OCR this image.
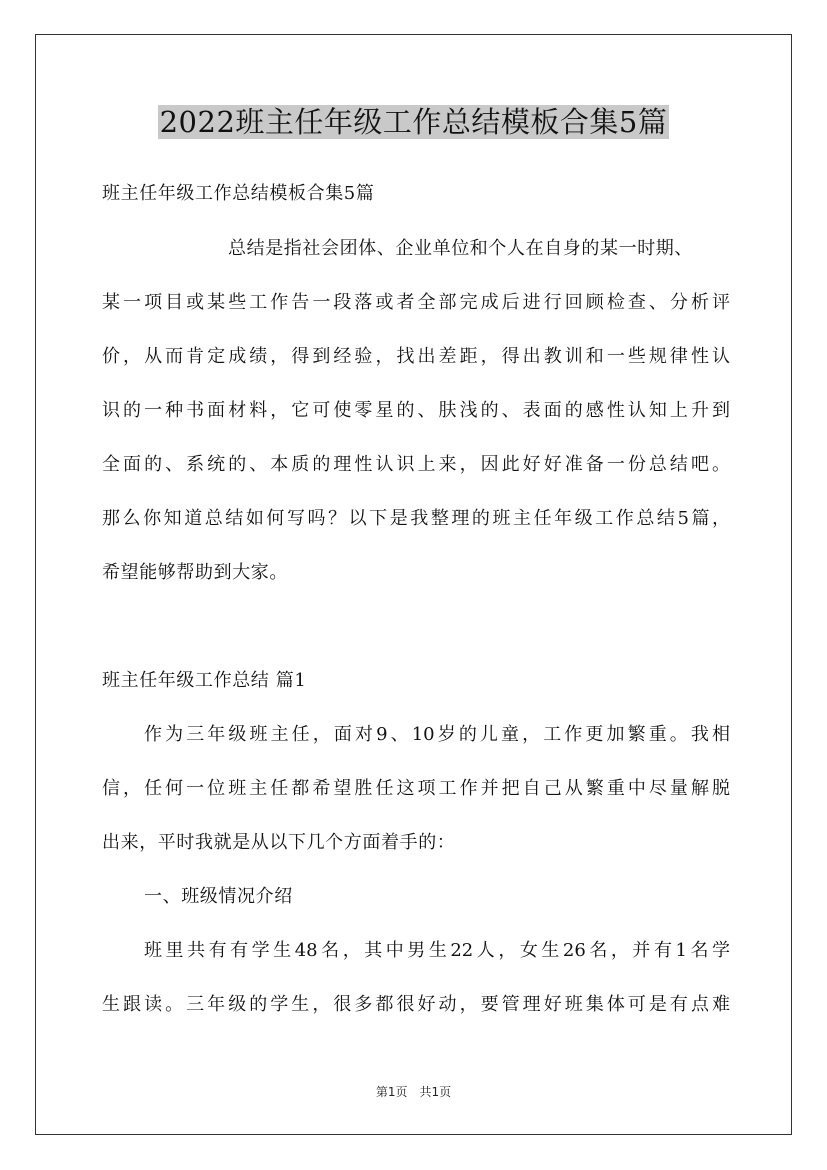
2022班主任年级工作总结模板合集5篇
班主任年级工作总结模板合集5篇
总结是指社会团体、企业单位和个人在自身的某一时期、
某一项目或某些工作告一段落或者全部完成后进行回顾检查、分析评
价，从而肯定成绩，得到经验，找出差距，得出教训和一些规律性认
识的一种书面材料，它可使零星的、肤浅的、表面的感性认知上升到
全面的、系统的、本质的理性认识上来，因此好好准备一份总结吧。
那么你知道总结如何写吗？以下是我整理的班主任年级工作总结5篇，
希望能够帮助到大家。
班主任年级工作总结 篇1
作为三年级班主任，面对9、10岁的儿童，工作更加繁重。我相
信，任何一位班主任都希望胜任这项工作并把自己从繁重中尽量解脱
出来，平时我就是从以下几个方面着手的：
一、班级情况介绍
班里共有有学生48名，其中男生22人，女生26名，并有1名学
生跟读。三年级的学生，很多都很好动，要管理好班集体可是有点难
第1页 共1页
